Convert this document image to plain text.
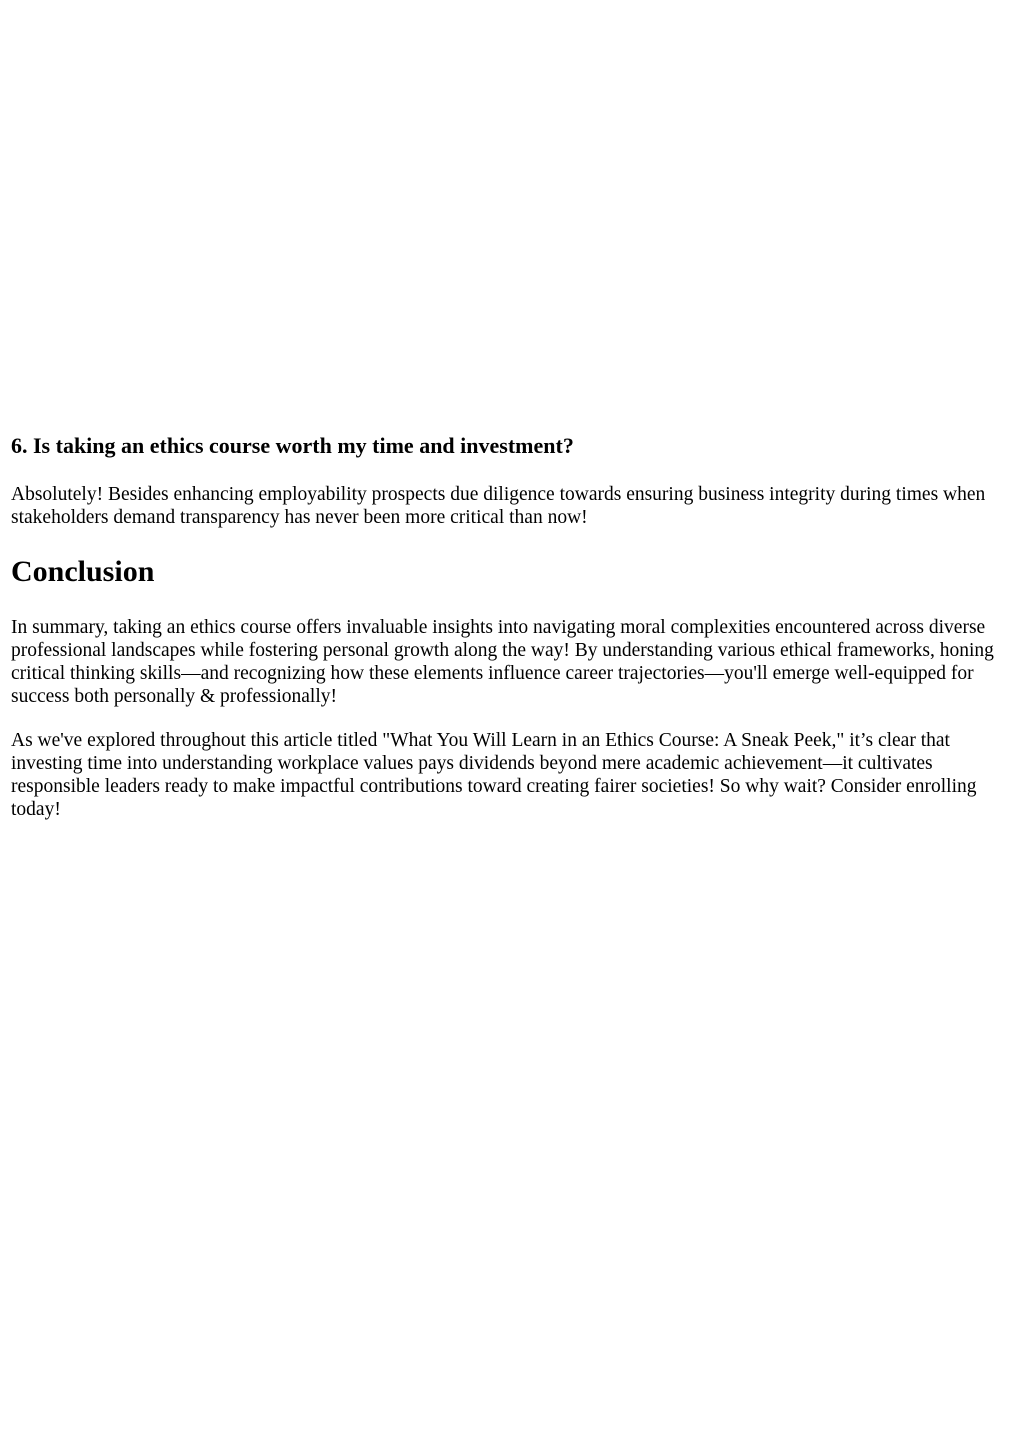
6. Is taking an ethics course worth my time and investment?

Absolutely! Besides enhancing employability prospects due diligence towards ensuring business integrity during times when stakeholders demand transparency has never been more critical than now!

Conclusion

In summary, taking an ethics course offers invaluable insights into navigating moral complexities encountered across diverse professional landscapes while fostering personal growth along the way! By understanding various ethical frameworks, honing critical thinking skills—and recognizing how these elements influence career trajectories—you'll emerge well-equipped for success both personally & professionally!

As we've explored throughout this article titled "What You Will Learn in an Ethics Course: A Sneak Peek," it’s clear that investing time into understanding workplace values pays dividends beyond mere academic achievement—it cultivates responsible leaders ready to make impactful contributions toward creating fairer societies! So why wait? Consider enrolling today!
